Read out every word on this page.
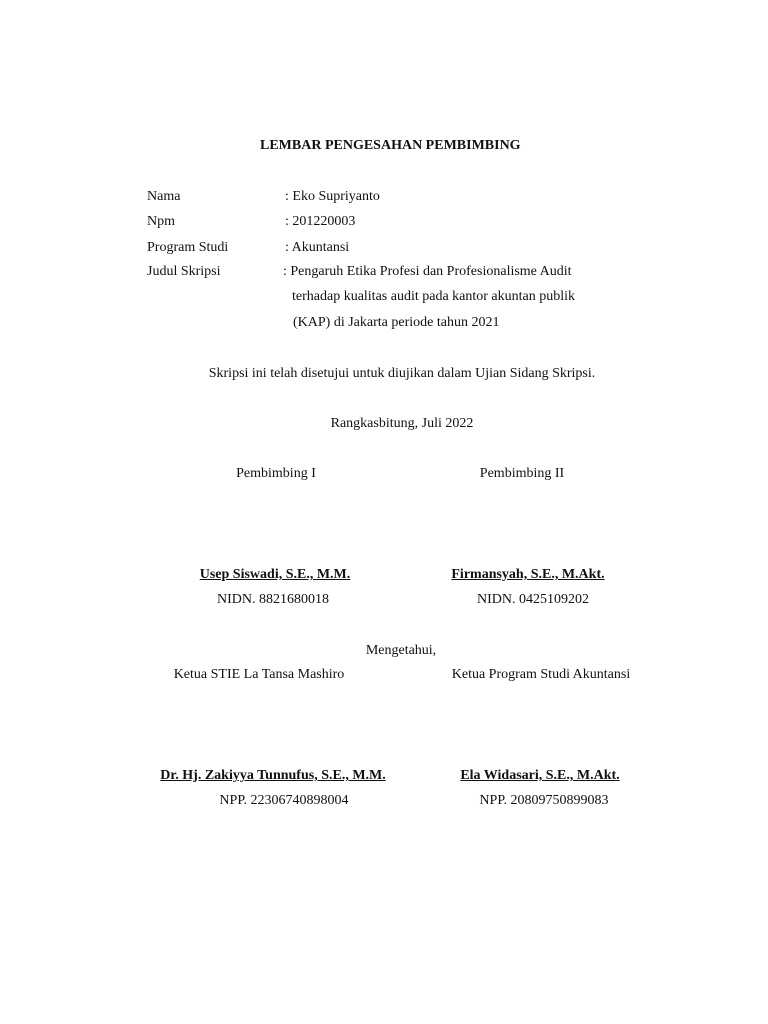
LEMBAR PENGESAHAN PEMBIMBING
Nama	: Eko Supriyanto
Npm	: 201220003
Program Studi	: Akuntansi
Judul Skripsi	: Pengaruh Etika Profesi dan Profesionalisme Audit
terhadap kualitas audit pada kantor akuntan publik
(KAP) di Jakarta periode tahun 2021
Skripsi ini telah disetujui untuk diujikan dalam Ujian Sidang Skripsi.
Rangkasbitung, Juli 2022
Pembimbing I	Pembimbing II
Usep Siswadi, S.E., M.M.	Firmansyah, S.E., M.Akt.
NIDN. 8821680018	NIDN. 0425109202
Mengetahui,
Ketua STIE La Tansa Mashiro	Ketua Program Studi Akuntansi
Dr. Hj. Zakiyya Tunnufus, S.E., M.M.	Ela Widasari, S.E., M.Akt.
NPP. 22306740898004	NPP. 20809750899083
